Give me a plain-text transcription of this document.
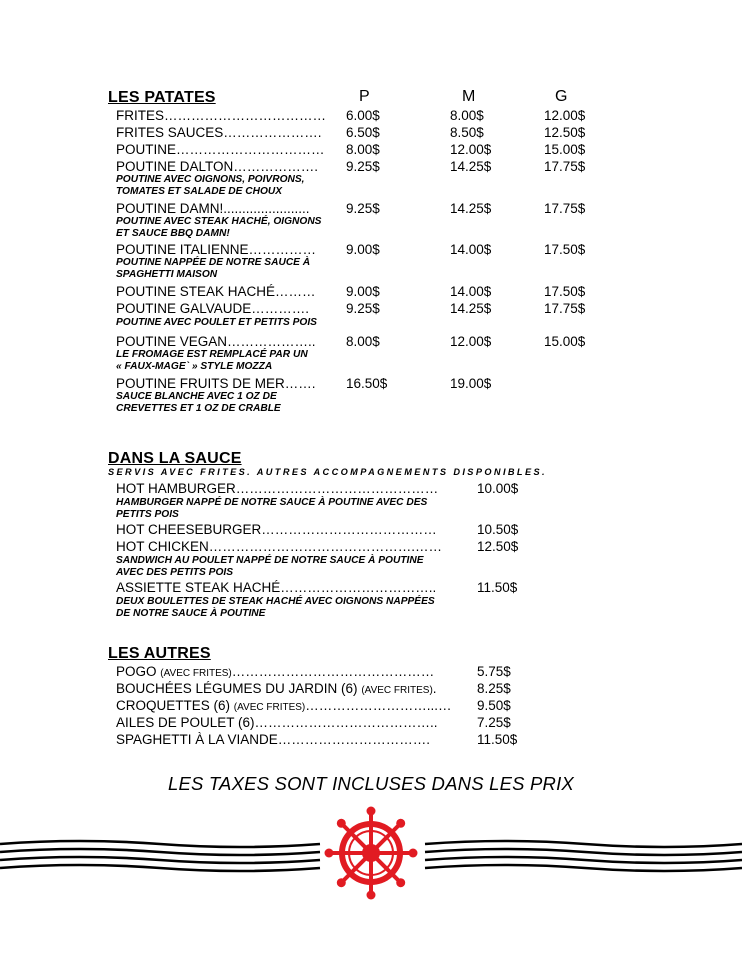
LES PATATES	P	M	G
FRITES……………………………… 6.00$	8.00$	12.00$
FRITES SAUCES…………………. 6.50$	8.50$	12.50$
POUTINE…………………………… 8.00$	12.00$	15.00$
POUTINE DALTON………………. 9.25$	14.25$	17.75$
POUTINE AVEC OIGNONS, POIVRONS,
TOMATES ET SALADE DE CHOUX
POUTINE DAMN!.......................	9.25$	14.25$	17.75$
POUTINE AVEC STEAK HACHÉ, OIGNONS
ET SAUCE BBQ DAMN!
POUTINE ITALIENNE…………… 9.00$	14.00$	17.50$
POUTINE NAPPÉE DE NOTRE SAUCE À
SPAGHETTI MAISON
POUTINE STEAK HACHÉ……… 9.00$	14.00$	17.50$
POUTINE GALVAUDE………….	9.25$	14.25$	17.75$
POUTINE AVEC POULET ET PETITS POIS
POUTINE VEGAN……………….. 8.00$	12.00$	15.00$
LE FROMAGE EST REMPLACÉ PAR UN
« FAUX-MAGE` » STYLE MOZZA
POUTINE FRUITS DE MER……. 16.50$	19.00$
SAUCE BLANCHE AVEC 1 OZ DE
CREVETTES ET 1 OZ DE CRABLE
DANS LA SAUCE
SERVIS AVEC FRITES. AUTRES ACCOMPAGNEMENTS DISPONIBLES.
HOT HAMBURGER………………………………………	10.00$
HAMBURGER NAPPÉ DE NOTRE SAUCE À POUTINE AVEC DES
PETITS POIS
HOT CHEESEBURGER…………………………………	10.50$
HOT CHICKEN……………………………………….……	12.50$
SANDWICH AU POULET NAPPÉ DE NOTRE SAUCE À POUTINE
AVEC DES PETITS POIS
ASSIETTE STEAK HACHÉ……………………………..	11.50$
DEUX BOULETTES DE STEAK HACHÉ AVEC OIGNONS NAPPÉES
DE NOTRE SAUCE À POUTINE
LES AUTRES
POGO (AVEC FRITES)………………………………………	5.75$
BOUCHÉES LÉGUMES DU JARDIN (6) (AVEC FRITES).	8.25$
CROQUETTES (6) (AVEC FRITES)………………………...… 9.50$
AILES DE POULET (6)…………………………………..	7.25$
SPAGHETTI À LA VIANDE…………………………….	11.50$
LES TAXES SONT INCLUSES DANS LES PRIX
